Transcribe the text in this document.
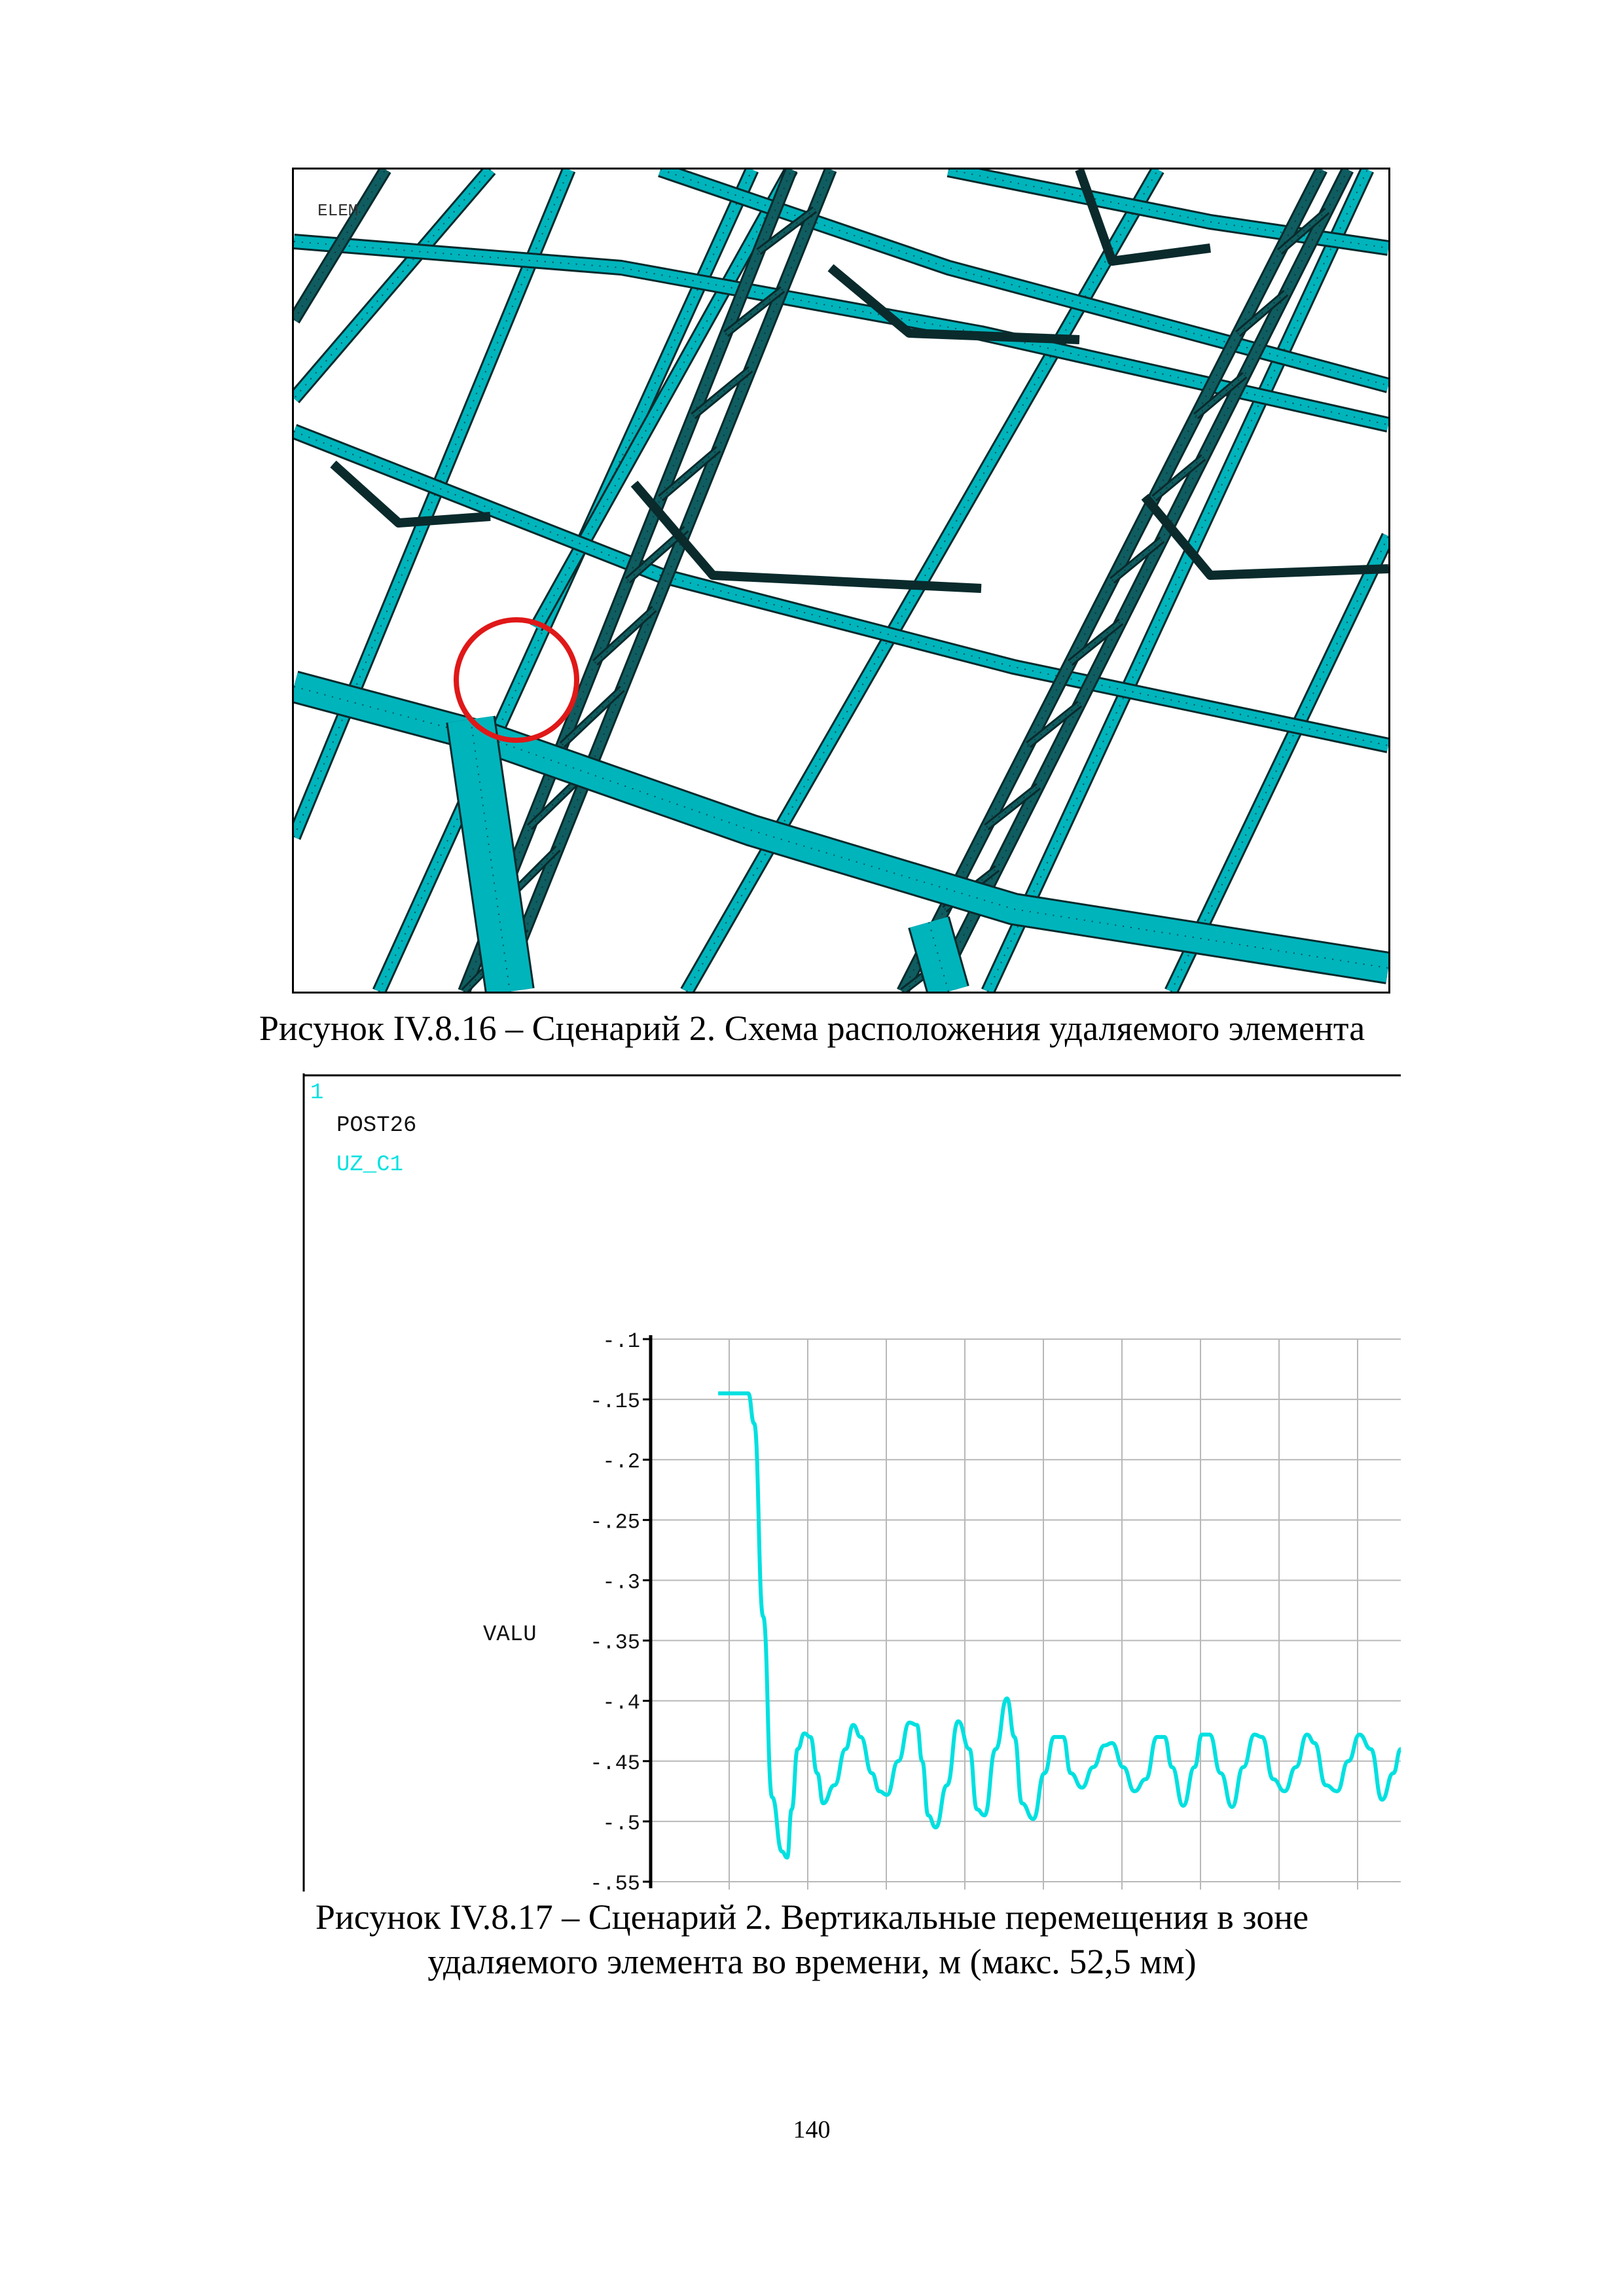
ELEM
Рисунок IV.8.16 – Сценарий 2. Схема расположения удаляемого элемента
1
POST26
UZ_C1
-.1
-.15
-.2
-.25
-.3
-.35
-.4
-.45
-.5
-.55
VALU
Рисунок IV.8.17 – Сценарий 2. Вертикальные перемещения в зоне
удаляемого элемента во времени, м (макс. 52,5 мм)
140
